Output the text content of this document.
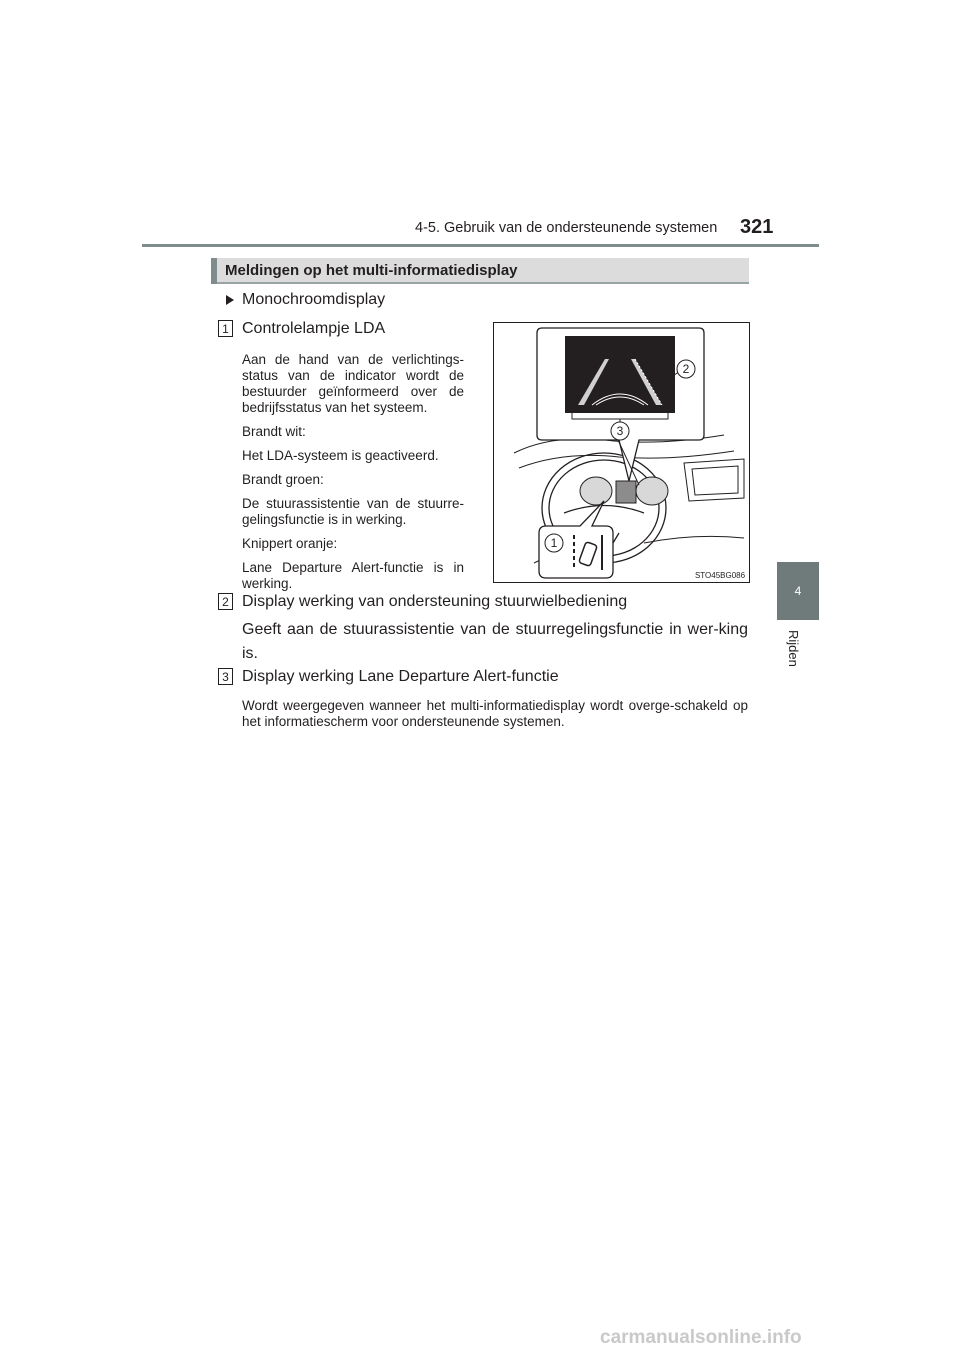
4-5. Gebruik van de ondersteunende systemen 321
4
Rijden
Meldingen op het multi-informatiedisplay
Monochroomdisplay
1 Controlelampje LDA

Aan de hand van de verlichtings-status van de indicator wordt de bestuurder geïnformeerd over de bedrijfsstatus van het systeem.

Brandt wit:

Het LDA-systeem is geactiveerd.

Brandt groen:

De stuurassistentie van de stuurre-gelingsfunctie is in werking.

Knippert oranje:

Lane Departure Alert-functie is in werking.

2
3
1
STO45BG086
2 Display werking van ondersteuning stuurwielbediening
Geeft aan de stuurassistentie van de stuurregelingsfunctie in wer-king is.
3 Display werking Lane Departure Alert-functie
Wordt weergegeven wanneer het multi-informatiedisplay wordt overge-schakeld op het informatiescherm voor ondersteunende systemen.
carmanualsonline.info
